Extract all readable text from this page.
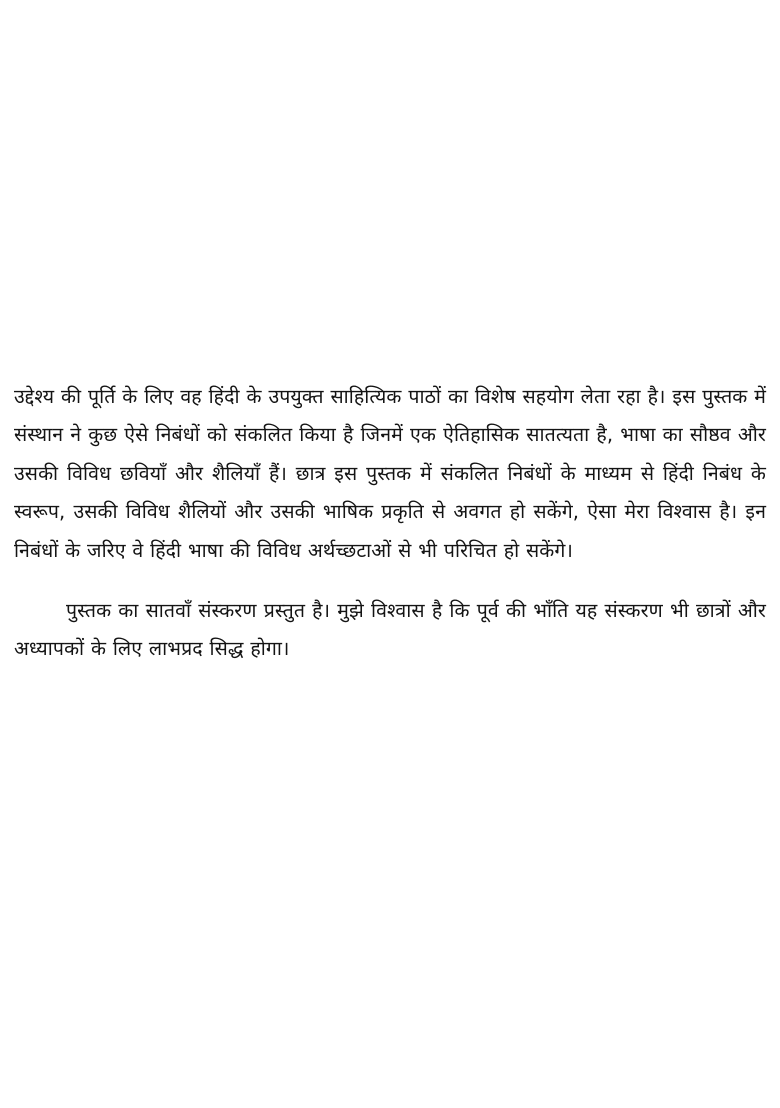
उद्देश्य की पूर्ति के लिए वह हिंदी के उपयुक्त साहित्यिक पाठों का विशेष सहयोग लेता रहा है। इस पुस्तक में संस्थान ने कुछ ऐसे निबंधों को संकलित किया है जिनमें एक ऐतिहासिक सातत्यता है, भाषा का सौष्ठव और उसकी विविध छवियाँ और शैलियाँ हैं। छात्र इस पुस्तक में संकलित निबंधों के माध्यम से हिंदी निबंध के स्वरूप, उसकी विविध शैलियों और उसकी भाषिक प्रकृति से अवगत हो सकेंगे, ऐसा मेरा विश्वास है। इन निबंधों के जरिए वे हिंदी भाषा की विविध अर्थच्छटाओं से भी परिचित हो सकेंगे।

पुस्तक का सातवाँ संस्करण प्रस्तुत है। मुझे विश्वास है कि पूर्व की भाँति यह संस्करण भी छात्रों और अध्यापकों के लिए लाभप्रद सिद्ध होगा।
